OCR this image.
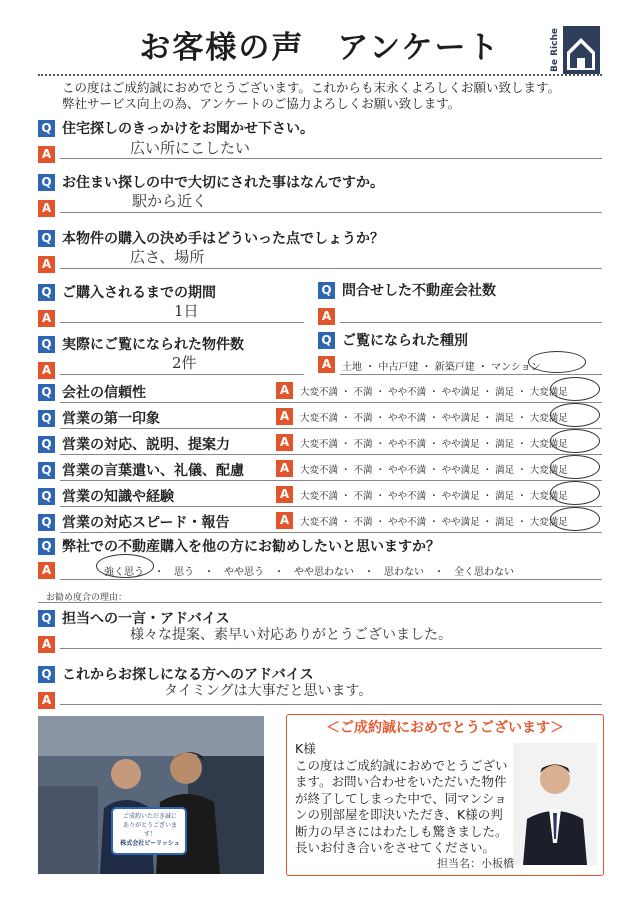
お客様の声　アンケート	Be Riche
この度はご成約誠におめでとうございます。これからも末永くよろしくお願い致します。
弊社サービス向上の為、アンケートのご協力よろしくお願い致します。
Q 住宅探しのきっかけをお聞かせ下さい。
A	広い所にこしたい
Q お住まい探しの中で大切にされた事はなんですか。
A	駅から近く
Q 本物件の購入の決め手はどういった点でしょうか？
A	広さ、場所
Q ご購入されるまでの期間
A	1日
Q 問合せした不動産会社数
A
Q 実際にご覧になられた物件数
A	2件
Q ご覧になられた種別
A	土地 ・ 中古戸建 ・ 新築戸建 ・ マンション
Q 会社の信頼性	A	大変不満 ・ 不満 ・ やや不満 ・ やや満足 ・ 満足 ・ 大変満足
Q 営業の第一印象	A	大変不満 ・ 不満 ・ やや不満 ・ やや満足 ・ 満足 ・ 大変満足
Q 営業の対応、説明、提案力	A	大変不満 ・ 不満 ・ やや不満 ・ やや満足 ・ 満足 ・ 大変満足
Q 営業の言葉遣い、礼儀、配慮	A	大変不満 ・ 不満 ・ やや不満 ・ やや満足 ・ 満足 ・ 大変満足
Q 営業の知識や経験	A	大変不満 ・ 不満 ・ やや不満 ・ やや満足 ・ 満足 ・ 大変満足
Q 営業の対応スピード・報告	A	大変不満 ・ 不満 ・ やや不満 ・ やや満足 ・ 満足 ・ 大変満足
Q 弊社での不動産購入を他の方にお勧めしたいと思いますか？
A	強く思う　・　思う　・　やや思う　・　やや思わない　・　思わない　・　全く思わない
お勧め度合の理由：
Q 担当への一言・アドバイス
A
様々な提案、素早い対応ありがとうございました。
Q これからお探しになる方へのアドバイス
A
タイミングは大事だと思います。
ご成約いただき誠に
ありがとうございます！
株式会社ビーリッシュ
＜ご成約誠におめでとうございます＞
K様
この度はご成約誠におめでとうございます。お問い合わせをいただいた物件が終了してしまった中で、同マンションの別部屋を即決いただき、K様の判断力の早さにはわたしも驚きました。長いお付き合いをさせてください。
担当名：小板橋
